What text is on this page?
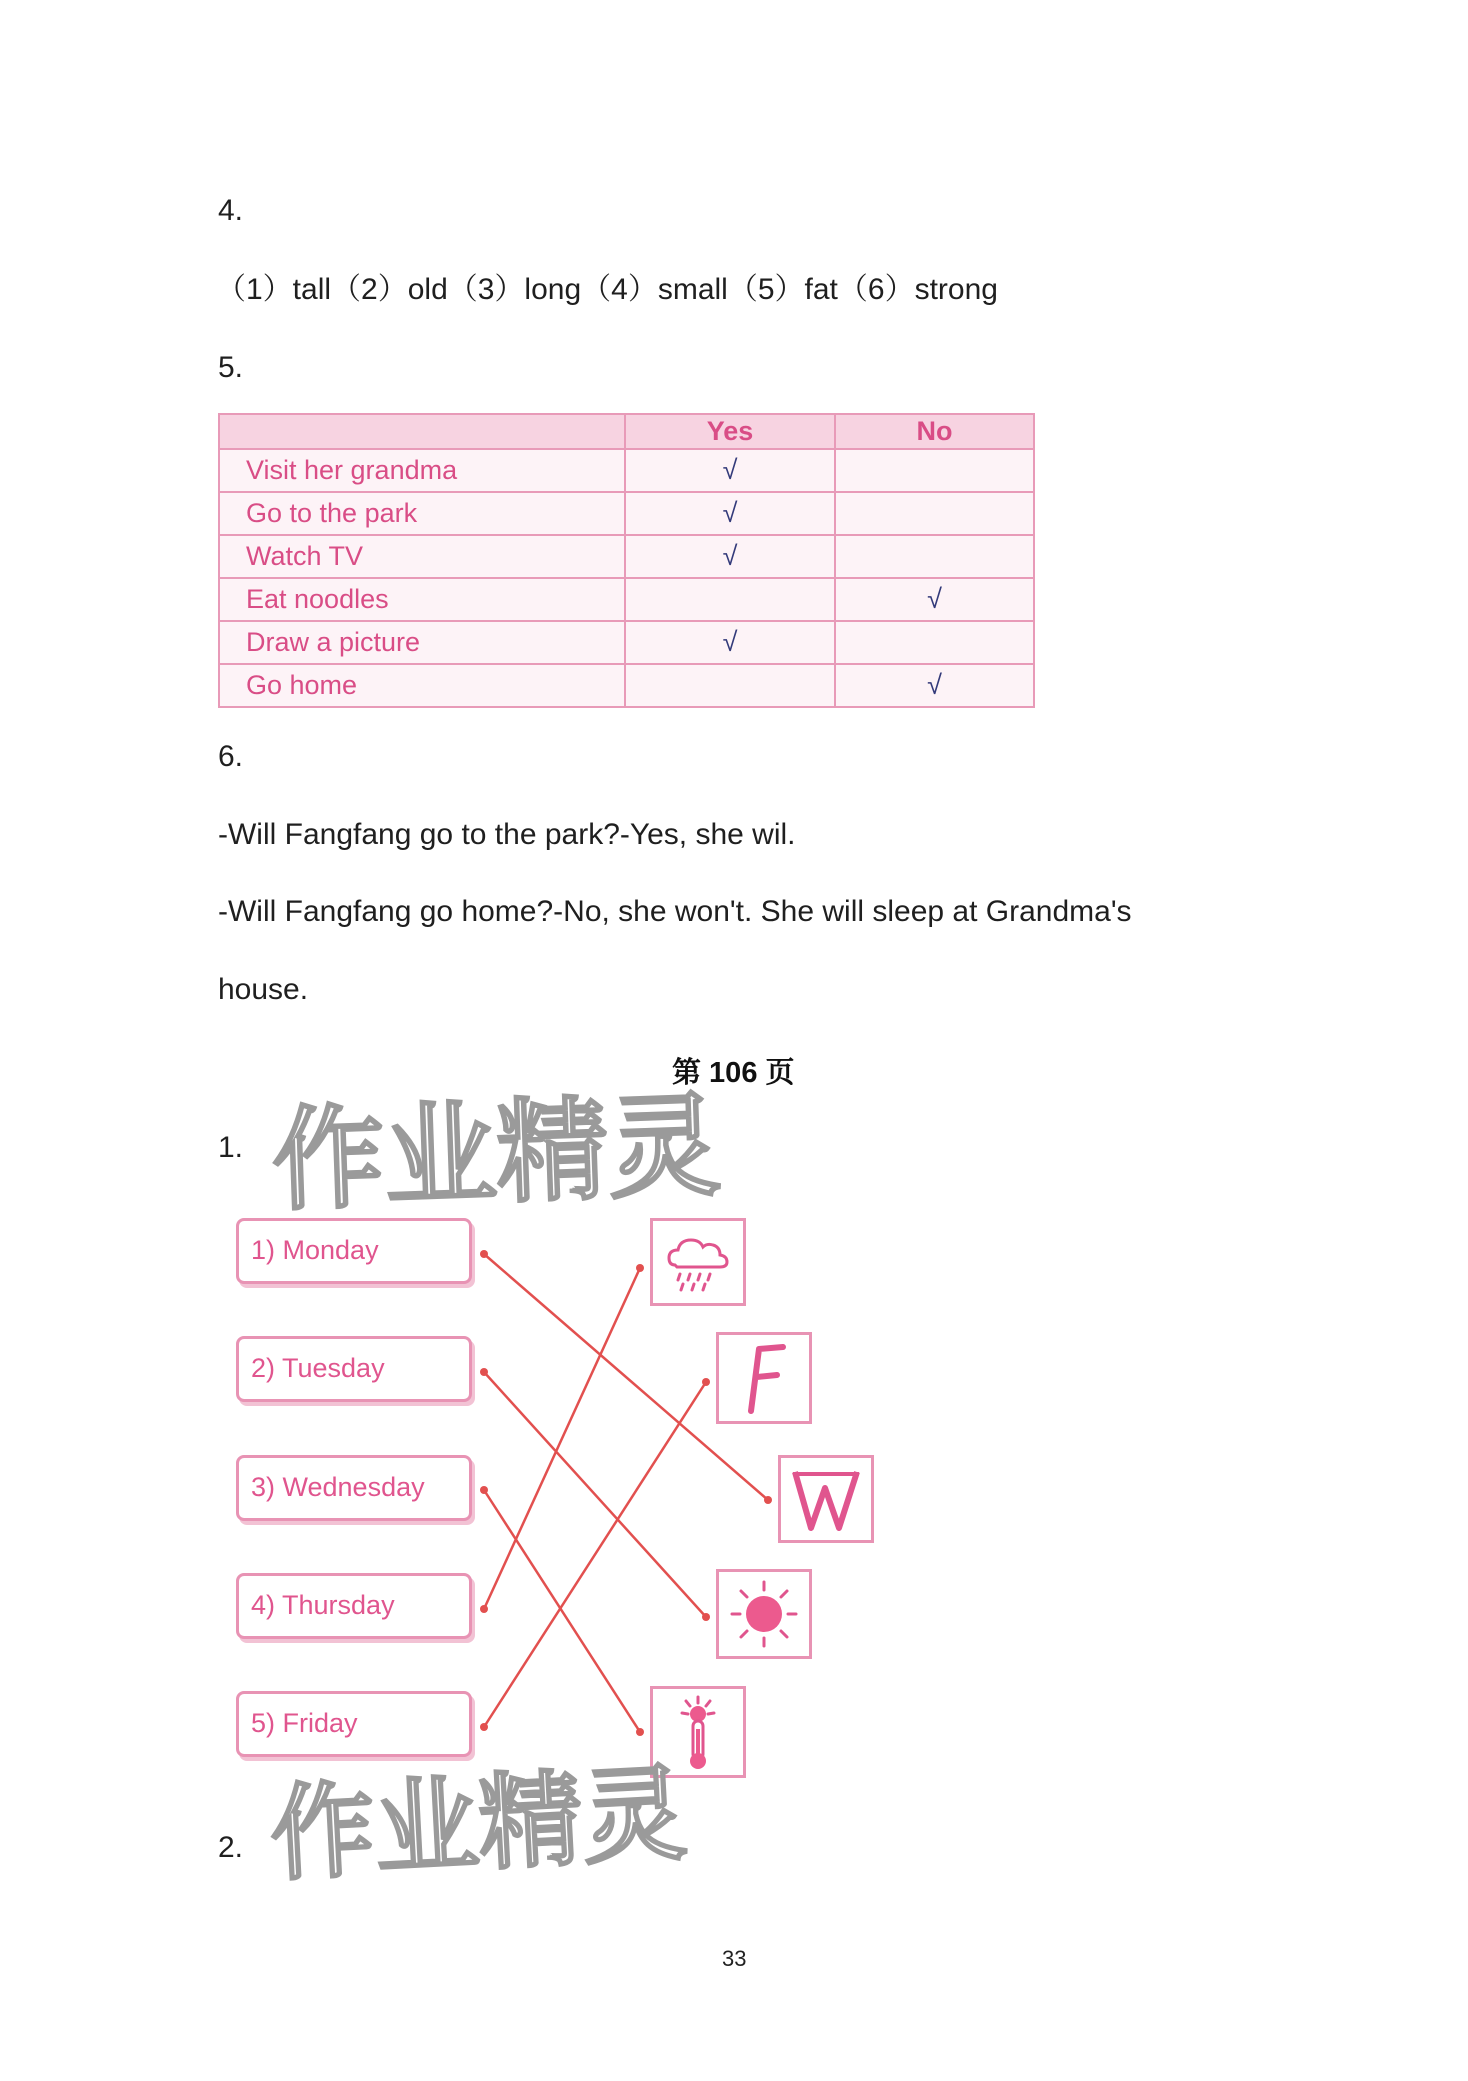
4.
（1）tall（2）old（3）long（4）small（5）fat（6）strong
5.
	Yes	No
Visit her grandma	√	
Go to the park	√	
Watch TV	√	
Eat noodles		√
Draw a picture	√	
Go home		√
6.
-Will Fangfang go to the park?-Yes, she wil.
-Will Fangfang go home?-No, she won't. She will sleep at Grandma's
house.
第 106 页
1.
1) Monday
2) Tuesday
3) Wednesday
4) Thursday
5) Friday
2.
作业精灵
作业精灵
33
